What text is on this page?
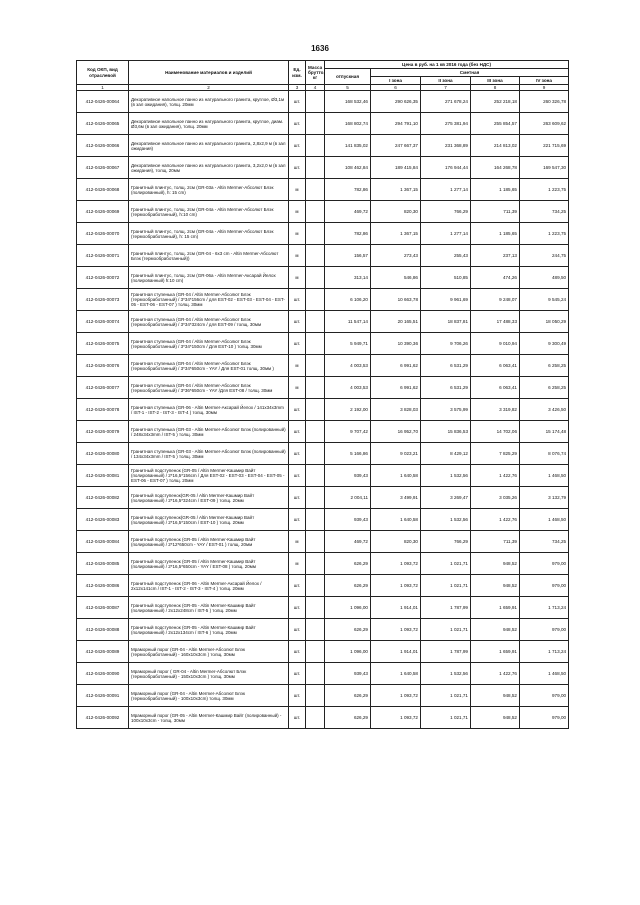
1636
Код ОКП, вид отраслевой	Наименование материалов и изделий	Ед. изм.	Масса брутто, кг	Цена в руб. на 1 кв 2016 года (без НДС)				
				отпускная	Сметная			
					I зона	II зона	III зона	IV зона
1	2	3	4	5	6	7	8	9
412-0426-00064	Декоративное напольное панно из натурального гранита, круглое, Ø3,1м (в зал ожидания), толщ. 20мм	шт.		168 532,46	290 626,35	271 678,24	252 218,18	260 326,78
412-0426-00065	Декоративное напольное панно из натурального гранита, круглое, диам. Ø3,6м (в зал ожидания), толщ. 20мм	шт.		168 802,74	294 791,10	275 381,94	255 854,57	263 609,62
412-0426-00066	Декоративное напольное панно из натурального гранита, 2,8х2,9 м (в зал ожидания)	шт.		141 835,02	247 667,37	231 368,89	214 813,02	221 715,69
412-0426-00067	Декоративное напольное панно из натурального гранита, 3,2х2,0 м (в зал ожидания), толщ. 20мм	шт.		108 462,84	189 415,84	176 944,44	164 268,78	169 547,30
412-0426-00068	Гранитный плинтус, толщ. 2см (GR-03a - Altin Mermer-Абсолют Блэк (полированный), h: 15 cm)	м		782,86	1 367,15	1 277,14	1 185,65	1 223,75
412-0426-00069	Гранитный плинтус, толщ. 2см (GR-04a - Altin Mermer-Абсолют Блэк (термообработанный), h:10 cm)	м		469,72	820,30	766,29	711,39	734,25
412-0426-00070	Гранитный плинтус, толщ. 2см (GR-04a - Altin Mermer-Абсолют Блэк (термообработанный), h: 15 cm)	м		782,86	1 367,15	1 277,14	1 185,65	1 223,75
412-0426-00071	Гранитный плинтус, толщ. 2см (GR-04 - 6х3 cm - Altin Mermer-Абсолют Блэк (термообработанный))	м		156,57	273,43	255,43	237,13	244,75
412-0426-00072	Гранитный плинтус, толщ. 2см (GR-06a - Altin Mermer-Аксарай Йелох (полированный) h:10 cm)	м		313,14	546,86	510,85	474,26	489,50
412-0426-00073	Гранитная ступенька (GR-04 / Altin Mermer-Абсолют Блэк (термообработанный) / 3*34*156cm / для EST-02 - EST-03 - EST-04 - EST-05 - EST-06 - EST-07 ) толщ. 30мм	шт.		6 106,20	10 663,78	9 961,69	9 248,07	9 545,24
412-0426-00074	Гранитная ступенька (GR-04 / Altin Mermer-Абсолют Блэк (термообработанный) / 3*34*324cm / для EST-09 / толщ. 30мм	шт.		11 547,14	20 165,51	18 837,81	17 488,33	18 050,29
412-0426-00075	Гранитная ступенька (GR-04 / Altin Mermer-Абсолют Блэк (термообработанный) / 3*34*150cm / Для EST-10 ) толщ. 30мм	шт.		5 949,71	10 390,36	9 706,26	9 010,94	9 300,49
412-0426-00076	Гранитная ступенька (GR-04 / Altin Mermer-Абсолют Блэк (термообработанный) / 3*34*650cm - YAY / Для EST-01 толщ. 30мм )	м		4 003,53	6 991,62	6 531,29	6 063,41	6 258,25
412-0426-00077	Гранитная ступенька (GR-04 / Altin Mermer-Абсолют Блэк (термообработанный) / 3*36*650cm - YAY /Для EST-08 / толщ. 30мм	м		4 003,53	6 991,62	6 531,29	6 063,41	6 258,25
412-0426-00078	Гранитная ступенька (GR-06 - Altin Mermer-Аксарай Йелох / 141х34х3mm / IST-1 - IST-2 - IST-3 - IST-4 ) толщ. 30мм	шт.		2 192,00	3 828,03	3 575,99	3 319,82	3 426,50
412-0426-00079	Гранитная ступенька (GR-03 - Altin Mermer-Абсолют Блэк (полированный) / 248х34х3mm / IST-5 ) толщ. 30мм	шт.		9 707,42	16 952,70	15 836,53	14 702,06	15 174,48
412-0426-00080	Гранитная ступенька (GR-03 - Altin Mermer-Абсолют Блэк (полированный) / 134х34х3mm / IST-5 ) толщ. 30мм	шт.		5 166,86	9 023,21	8 429,12	7 825,29	8 076,74
412-0426-00081	Гранитный подступенок (GR-05 / Altin Mermer-Кашмир Вайт (полированный) / 2*16,5*156cm / Для EST-02 - EST-03 - EST-04 - EST-05 - EST-06 - EST-07 ) толщ. 20мм	шт.		939,43	1 640,58	1 532,56	1 422,76	1 468,50
412-0426-00082	Гранитный подступенок(GR-05 / Altin Mermer-Кашмир Вайт (полированный) / 2*16,5*324cm / EST-09 ) толщ. 20мм	шт.		2 004,11	3 499,91	3 269,47	3 035,26	3 132,79
412-0426-00083	Гранитный подступенок(GR-05 / Altin Mermer-Кашмир Вайт (полированный) / 2*16,5*150cm / EST-10 ) толщ. 20мм	шт.		939,43	1 640,58	1 532,56	1 422,76	1 468,50
412-0426-00084	Гранитный подступенок (GR-05 / Altin Mermer-Кашмир Вайт (полированный) / 2*12*650cm - YAY / EST-01 ) толщ. 20мм	м		469,72	820,30	766,29	711,39	734,25
412-0426-00085	Гранитный подступенок (GR-05 / Altin Mermer-Кашмир Вайт (полированный) / 2*16,5*650cm - YAY / EST-08 ) толщ. 20мм	м		626,29	1 093,72	1 021,71	948,52	979,00
412-0426-00086	Гранитный подступенок (GR-06 - Altin Mermer-Аксарай Йелох / 2х12х141cm / IST-1 - IST-2 - IST-3 - IST-4 ) толщ. 20мм	шт.		626,29	1 093,72	1 021,71	948,52	979,00
412-0426-00087	Гранитный подступенок (GR-05 - Altin Mermer-Кашмир Вайт (полированный) / 2х12х248cm / IST-5 ) толщ. 20мм	шт.		1 096,00	1 914,01	1 787,99	1 659,91	1 713,24
412-0426-00088	Гранитный подступенок (GR-05 - Altin Mermer-Кашмир Вайт (полированный) / 2х12х134cm / IST-6 ) толщ. 20мм	шт.		626,29	1 093,72	1 021,71	948,52	979,00
412-0426-00089	Мраморный порог (GR-04 - Altin Mermer-Абсолют Блэк (термообработанный) - 160х10х3cm ) толщ. 30мм	шт.		1 096,00	1 914,01	1 787,99	1 659,91	1 713,24
412-0426-00090	Мраморный порог ( GR-04 - Altin Mermer-Абсолют Блэк (термообработанный) - 150х10х3cm ) толщ. 30мм	шт.		939,43	1 640,58	1 532,56	1 422,76	1 468,50
412-0426-00091	Мраморный порог (GR-04 - Altin Mermer-Абсолют Блэк (термообработанный) - 100х10х3cm) толщ. 30мм	шт.		626,29	1 093,72	1 021,71	948,52	979,00
412-0426-00092	Мраморный порог (GR-05 - Altin Mermer-Кашмир Вайт (полированный) - 100х10х3cm - толщ. 30мм	шт.		626,29	1 093,72	1 021,71	948,52	979,00
